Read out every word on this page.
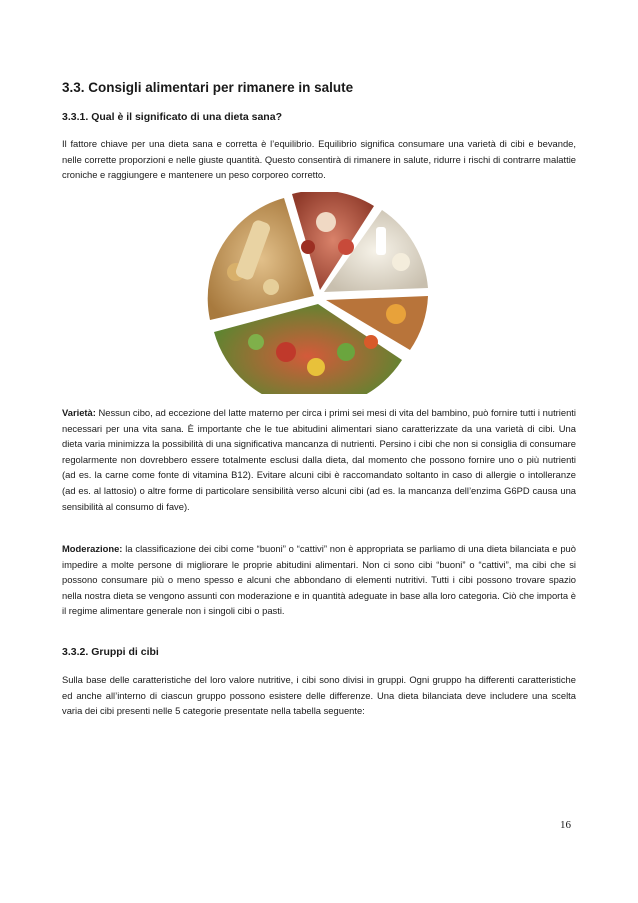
3.3. Consigli alimentari per rimanere in salute
3.3.1. Qual è il significato di una dieta sana?

Il fattore chiave per una dieta sana e corretta è l’equilibrio. Equilibrio significa consumare una varietà di cibi e bevande, nelle corrette proporzioni e nelle giuste quantità. Questo consentirà di rimanere in salute, ridurre i rischi di contrarre malattie croniche e raggiungere e mantenere un peso corporeo corretto.

Varietà: Nessun cibo, ad eccezione del latte materno per circa i primi sei mesi di vita del bambino, può fornire tutti i nutrienti necessari per una vita sana. È importante che le tue abitudini alimentari siano caratterizzate da una varietà di cibi. Una dieta varia minimizza la possibilità di una significativa mancanza di nutrienti. Persino i cibi che non si consiglia di consumare regolarmente non dovrebbero essere totalmente esclusi dalla dieta, dal momento che possono fornire uno o più nutrienti (ad es. la carne come fonte di vitamina B12). Evitare alcuni cibi è raccomandato soltanto in caso di allergie o intolleranze (ad es. al lattosio) o altre forme di particolare sensibilità verso alcuni cibi (ad es. la mancanza dell’enzima G6PD causa una sensibilità al consumo di fave).

Moderazione: la classificazione dei cibi come “buoni” o “cattivi” non è appropriata se parliamo di una dieta bilanciata e può impedire a molte persone di migliorare le proprie abitudini alimentari. Non ci sono cibi “buoni” o “cattivi”, ma cibi che si possono consumare più o meno spesso e alcuni che abbondano di elementi nutritivi. Tutti i cibi possono trovare spazio nella nostra dieta se vengono assunti con moderazione e in quantità adeguate in base alla loro categoria. Ciò che importa è il regime alimentare generale non i singoli cibi o pasti.

3.3.2. Gruppi di cibi

Sulla base delle caratteristiche del loro valore nutritive, i cibi sono divisi in gruppi. Ogni gruppo ha differenti caratteristiche ed anche all’interno di ciascun gruppo possono esistere delle differenze. Una dieta bilanciata deve includere una scelta varia dei cibi presenti nelle 5 categorie presentate nella tabella seguente:

16
